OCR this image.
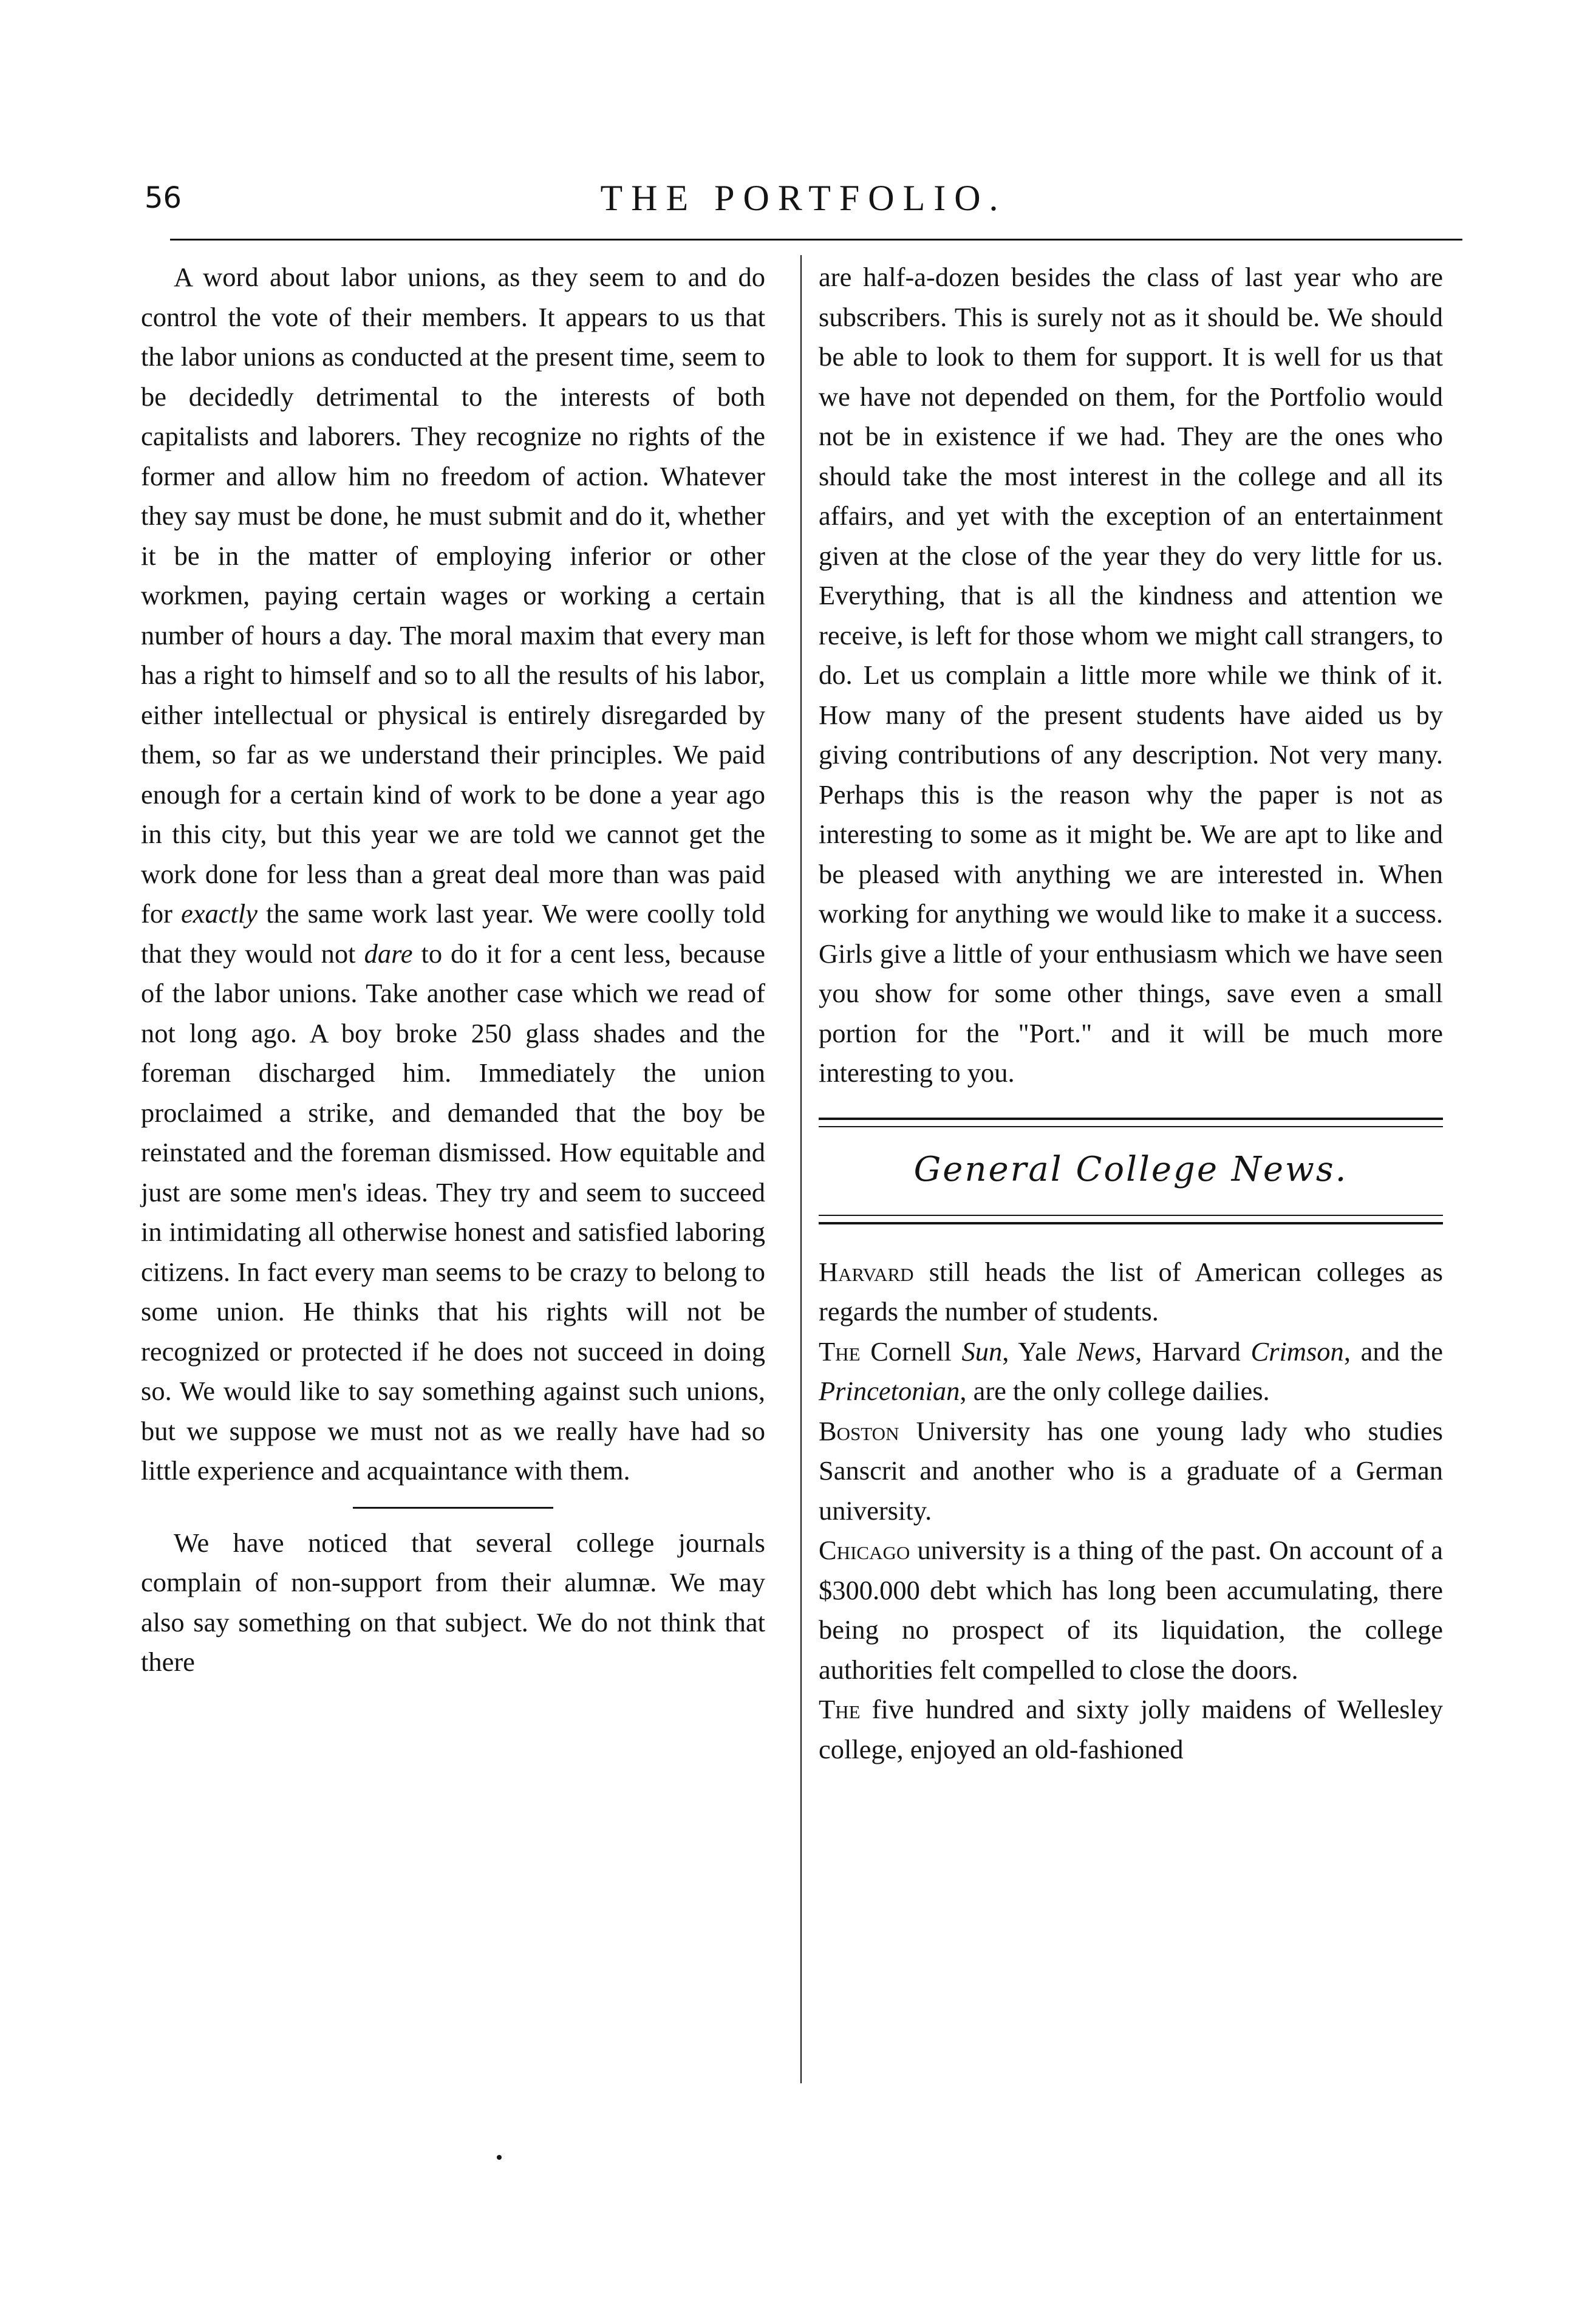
56	THE PORTFOLIO.

A word about labor unions, as they seem to and do control the vote of their members. It appears to us that the labor unions as conducted at the present time, seem to be decidedly detrimental to the interests of both capitalists and laborers. They recognize no rights of the former and allow him no freedom of action. Whatever they say must be done, he must submit and do it, whether it be in the matter of employing inferior or other workmen, paying certain wages or working a certain number of hours a day. The moral maxim that every man has a right to himself and so to all the results of his labor, either intellectual or physical is entirely disregarded by them, so far as we understand their principles. We paid enough for a certain kind of work to be done a year ago in this city, but this year we are told we cannot get the work done for less than a great deal more than was paid for exactly the same work last year. We were coolly told that they would not dare to do it for a cent less, because of the labor unions. Take another case which we read of not long ago. A boy broke 250 glass shades and the foreman discharged him. Immediately the union proclaimed a strike, and demanded that the boy be reinstated and the foreman dismissed. How equitable and just are some men's ideas. They try and seem to succeed in intimidating all otherwise honest and satisfied laboring citizens. In fact every man seems to be crazy to belong to some union. He thinks that his rights will not be recognized or protected if he does not succeed in doing so. We would like to say something against such unions, but we suppose we must not as we really have had so little experience and acquaintance with them.

We have noticed that several college journals complain of non-support from their alumnæ. We may also say something on that subject. We do not think that there

are half-a-dozen besides the class of last year who are subscribers. This is surely not as it should be. We should be able to look to them for support. It is well for us that we have not depended on them, for the Portfolio would not be in existence if we had. They are the ones who should take the most interest in the college and all its affairs, and yet with the exception of an entertainment given at the close of the year they do very little for us. Everything, that is all the kindness and attention we receive, is left for those whom we might call strangers, to do. Let us complain a little more while we think of it. How many of the present students have aided us by giving contributions of any description. Not very many. Perhaps this is the reason why the paper is not as interesting to some as it might be. We are apt to like and be pleased with anything we are interested in. When working for anything we would like to make it a success. Girls give a little of your enthusiasm which we have seen you show for some other things, save even a small portion for the "Port." and it will be much more interesting to you.

General College News.

Harvard still heads the list of American colleges as regards the number of students.

The Cornell Sun, Yale News, Harvard Crimson, and the Princetonian, are the only college dailies.

Boston University has one young lady who studies Sanscrit and another who is a graduate of a German university.

Chicago university is a thing of the past. On account of a $300.000 debt which has long been accumulating, there being no prospect of its liquidation, the college authorities felt compelled to close the doors.

The five hundred and sixty jolly maidens of Wellesley college, enjoyed an old-fashioned
